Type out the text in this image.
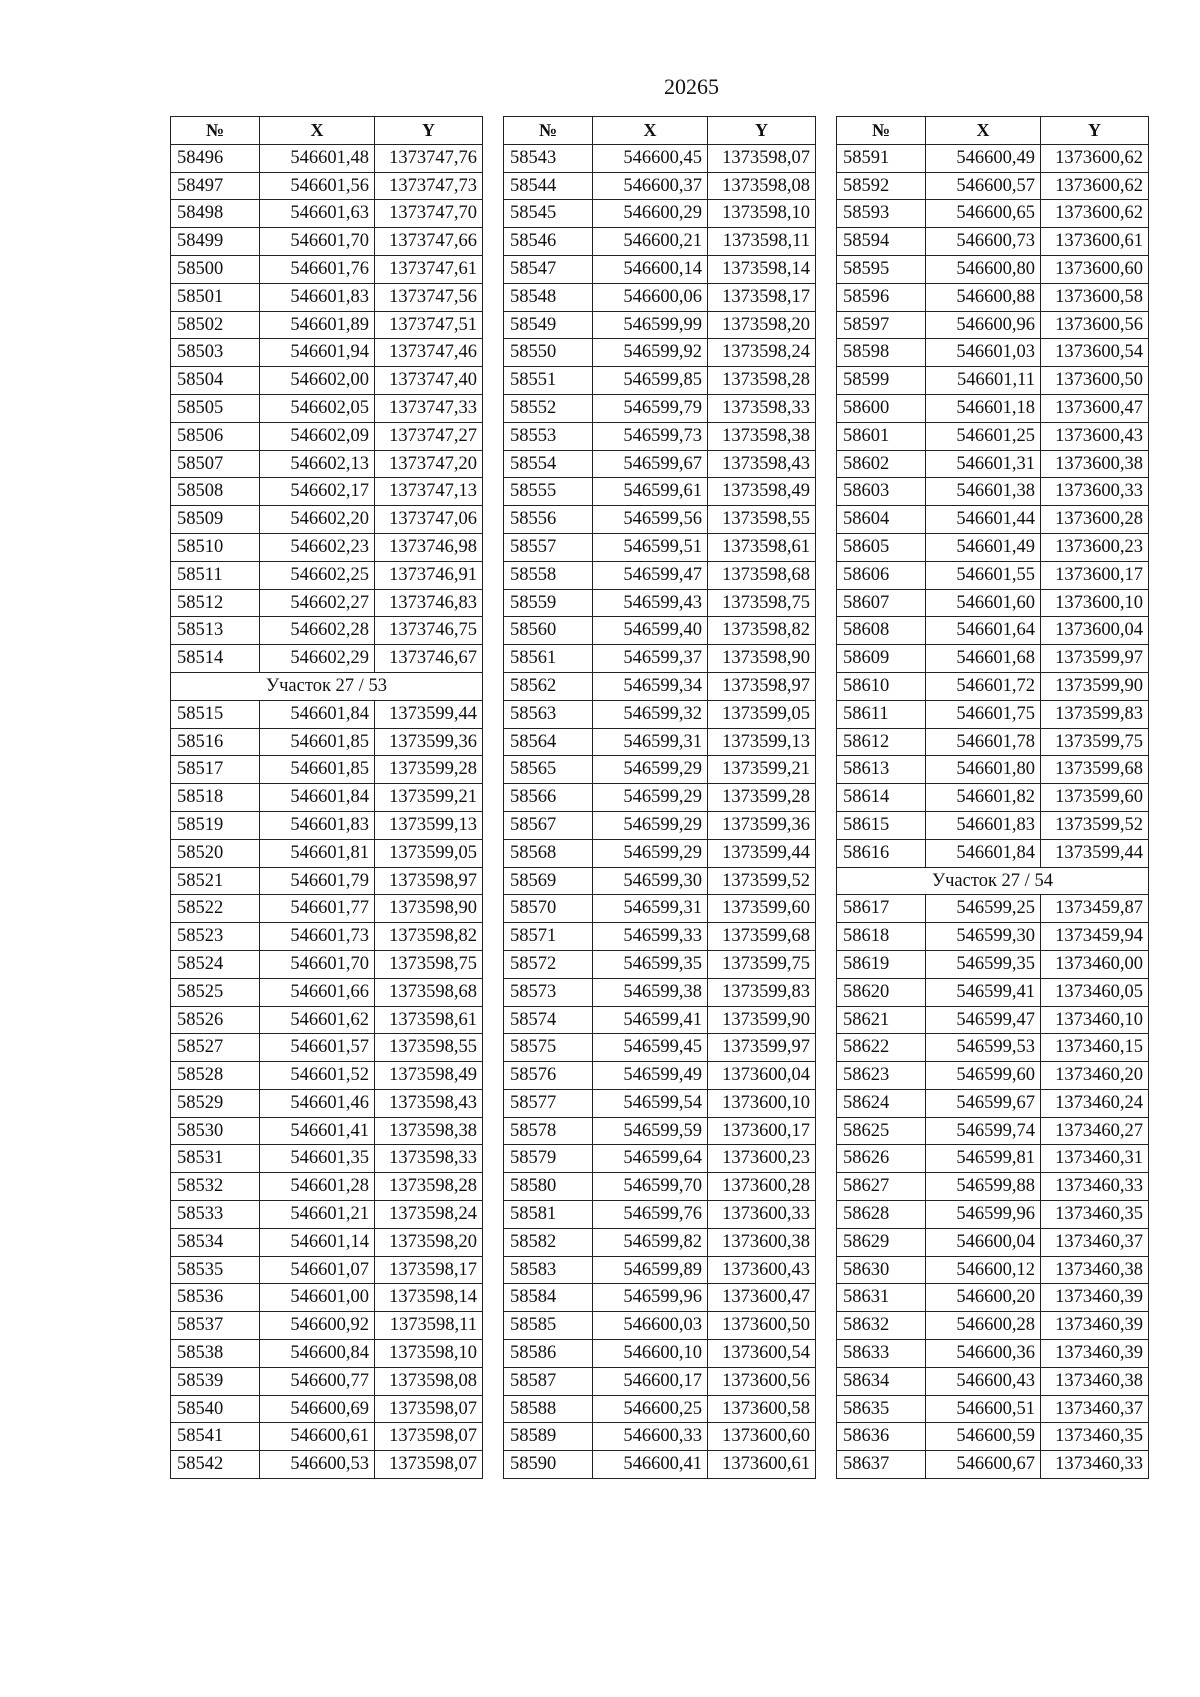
20265
№	X	Y
58496	546601,48	1373747,76
58497	546601,56	1373747,73
58498	546601,63	1373747,70
58499	546601,70	1373747,66
58500	546601,76	1373747,61
58501	546601,83	1373747,56
58502	546601,89	1373747,51
58503	546601,94	1373747,46
58504	546602,00	1373747,40
58505	546602,05	1373747,33
58506	546602,09	1373747,27
58507	546602,13	1373747,20
58508	546602,17	1373747,13
58509	546602,20	1373747,06
58510	546602,23	1373746,98
58511	546602,25	1373746,91
58512	546602,27	1373746,83
58513	546602,28	1373746,75
58514	546602,29	1373746,67
Участок 27 / 53		
58515	546601,84	1373599,44
58516	546601,85	1373599,36
58517	546601,85	1373599,28
58518	546601,84	1373599,21
58519	546601,83	1373599,13
58520	546601,81	1373599,05
58521	546601,79	1373598,97
58522	546601,77	1373598,90
58523	546601,73	1373598,82
58524	546601,70	1373598,75
58525	546601,66	1373598,68
58526	546601,62	1373598,61
58527	546601,57	1373598,55
58528	546601,52	1373598,49
58529	546601,46	1373598,43
58530	546601,41	1373598,38
58531	546601,35	1373598,33
58532	546601,28	1373598,28
58533	546601,21	1373598,24
58534	546601,14	1373598,20
58535	546601,07	1373598,17
58536	546601,00	1373598,14
58537	546600,92	1373598,11
58538	546600,84	1373598,10
58539	546600,77	1373598,08
58540	546600,69	1373598,07
58541	546600,61	1373598,07
58542	546600,53	1373598,07
№	X	Y
58543	546600,45	1373598,07
58544	546600,37	1373598,08
58545	546600,29	1373598,10
58546	546600,21	1373598,11
58547	546600,14	1373598,14
58548	546600,06	1373598,17
58549	546599,99	1373598,20
58550	546599,92	1373598,24
58551	546599,85	1373598,28
58552	546599,79	1373598,33
58553	546599,73	1373598,38
58554	546599,67	1373598,43
58555	546599,61	1373598,49
58556	546599,56	1373598,55
58557	546599,51	1373598,61
58558	546599,47	1373598,68
58559	546599,43	1373598,75
58560	546599,40	1373598,82
58561	546599,37	1373598,90
58562	546599,34	1373598,97
58563	546599,32	1373599,05
58564	546599,31	1373599,13
58565	546599,29	1373599,21
58566	546599,29	1373599,28
58567	546599,29	1373599,36
58568	546599,29	1373599,44
58569	546599,30	1373599,52
58570	546599,31	1373599,60
58571	546599,33	1373599,68
58572	546599,35	1373599,75
58573	546599,38	1373599,83
58574	546599,41	1373599,90
58575	546599,45	1373599,97
58576	546599,49	1373600,04
58577	546599,54	1373600,10
58578	546599,59	1373600,17
58579	546599,64	1373600,23
58580	546599,70	1373600,28
58581	546599,76	1373600,33
58582	546599,82	1373600,38
58583	546599,89	1373600,43
58584	546599,96	1373600,47
58585	546600,03	1373600,50
58586	546600,10	1373600,54
58587	546600,17	1373600,56
58588	546600,25	1373600,58
58589	546600,33	1373600,60
58590	546600,41	1373600,61
№	X	Y
58591	546600,49	1373600,62
58592	546600,57	1373600,62
58593	546600,65	1373600,62
58594	546600,73	1373600,61
58595	546600,80	1373600,60
58596	546600,88	1373600,58
58597	546600,96	1373600,56
58598	546601,03	1373600,54
58599	546601,11	1373600,50
58600	546601,18	1373600,47
58601	546601,25	1373600,43
58602	546601,31	1373600,38
58603	546601,38	1373600,33
58604	546601,44	1373600,28
58605	546601,49	1373600,23
58606	546601,55	1373600,17
58607	546601,60	1373600,10
58608	546601,64	1373600,04
58609	546601,68	1373599,97
58610	546601,72	1373599,90
58611	546601,75	1373599,83
58612	546601,78	1373599,75
58613	546601,80	1373599,68
58614	546601,82	1373599,60
58615	546601,83	1373599,52
58616	546601,84	1373599,44
Участок 27 / 54		
58617	546599,25	1373459,87
58618	546599,30	1373459,94
58619	546599,35	1373460,00
58620	546599,41	1373460,05
58621	546599,47	1373460,10
58622	546599,53	1373460,15
58623	546599,60	1373460,20
58624	546599,67	1373460,24
58625	546599,74	1373460,27
58626	546599,81	1373460,31
58627	546599,88	1373460,33
58628	546599,96	1373460,35
58629	546600,04	1373460,37
58630	546600,12	1373460,38
58631	546600,20	1373460,39
58632	546600,28	1373460,39
58633	546600,36	1373460,39
58634	546600,43	1373460,38
58635	546600,51	1373460,37
58636	546600,59	1373460,35
58637	546600,67	1373460,33
